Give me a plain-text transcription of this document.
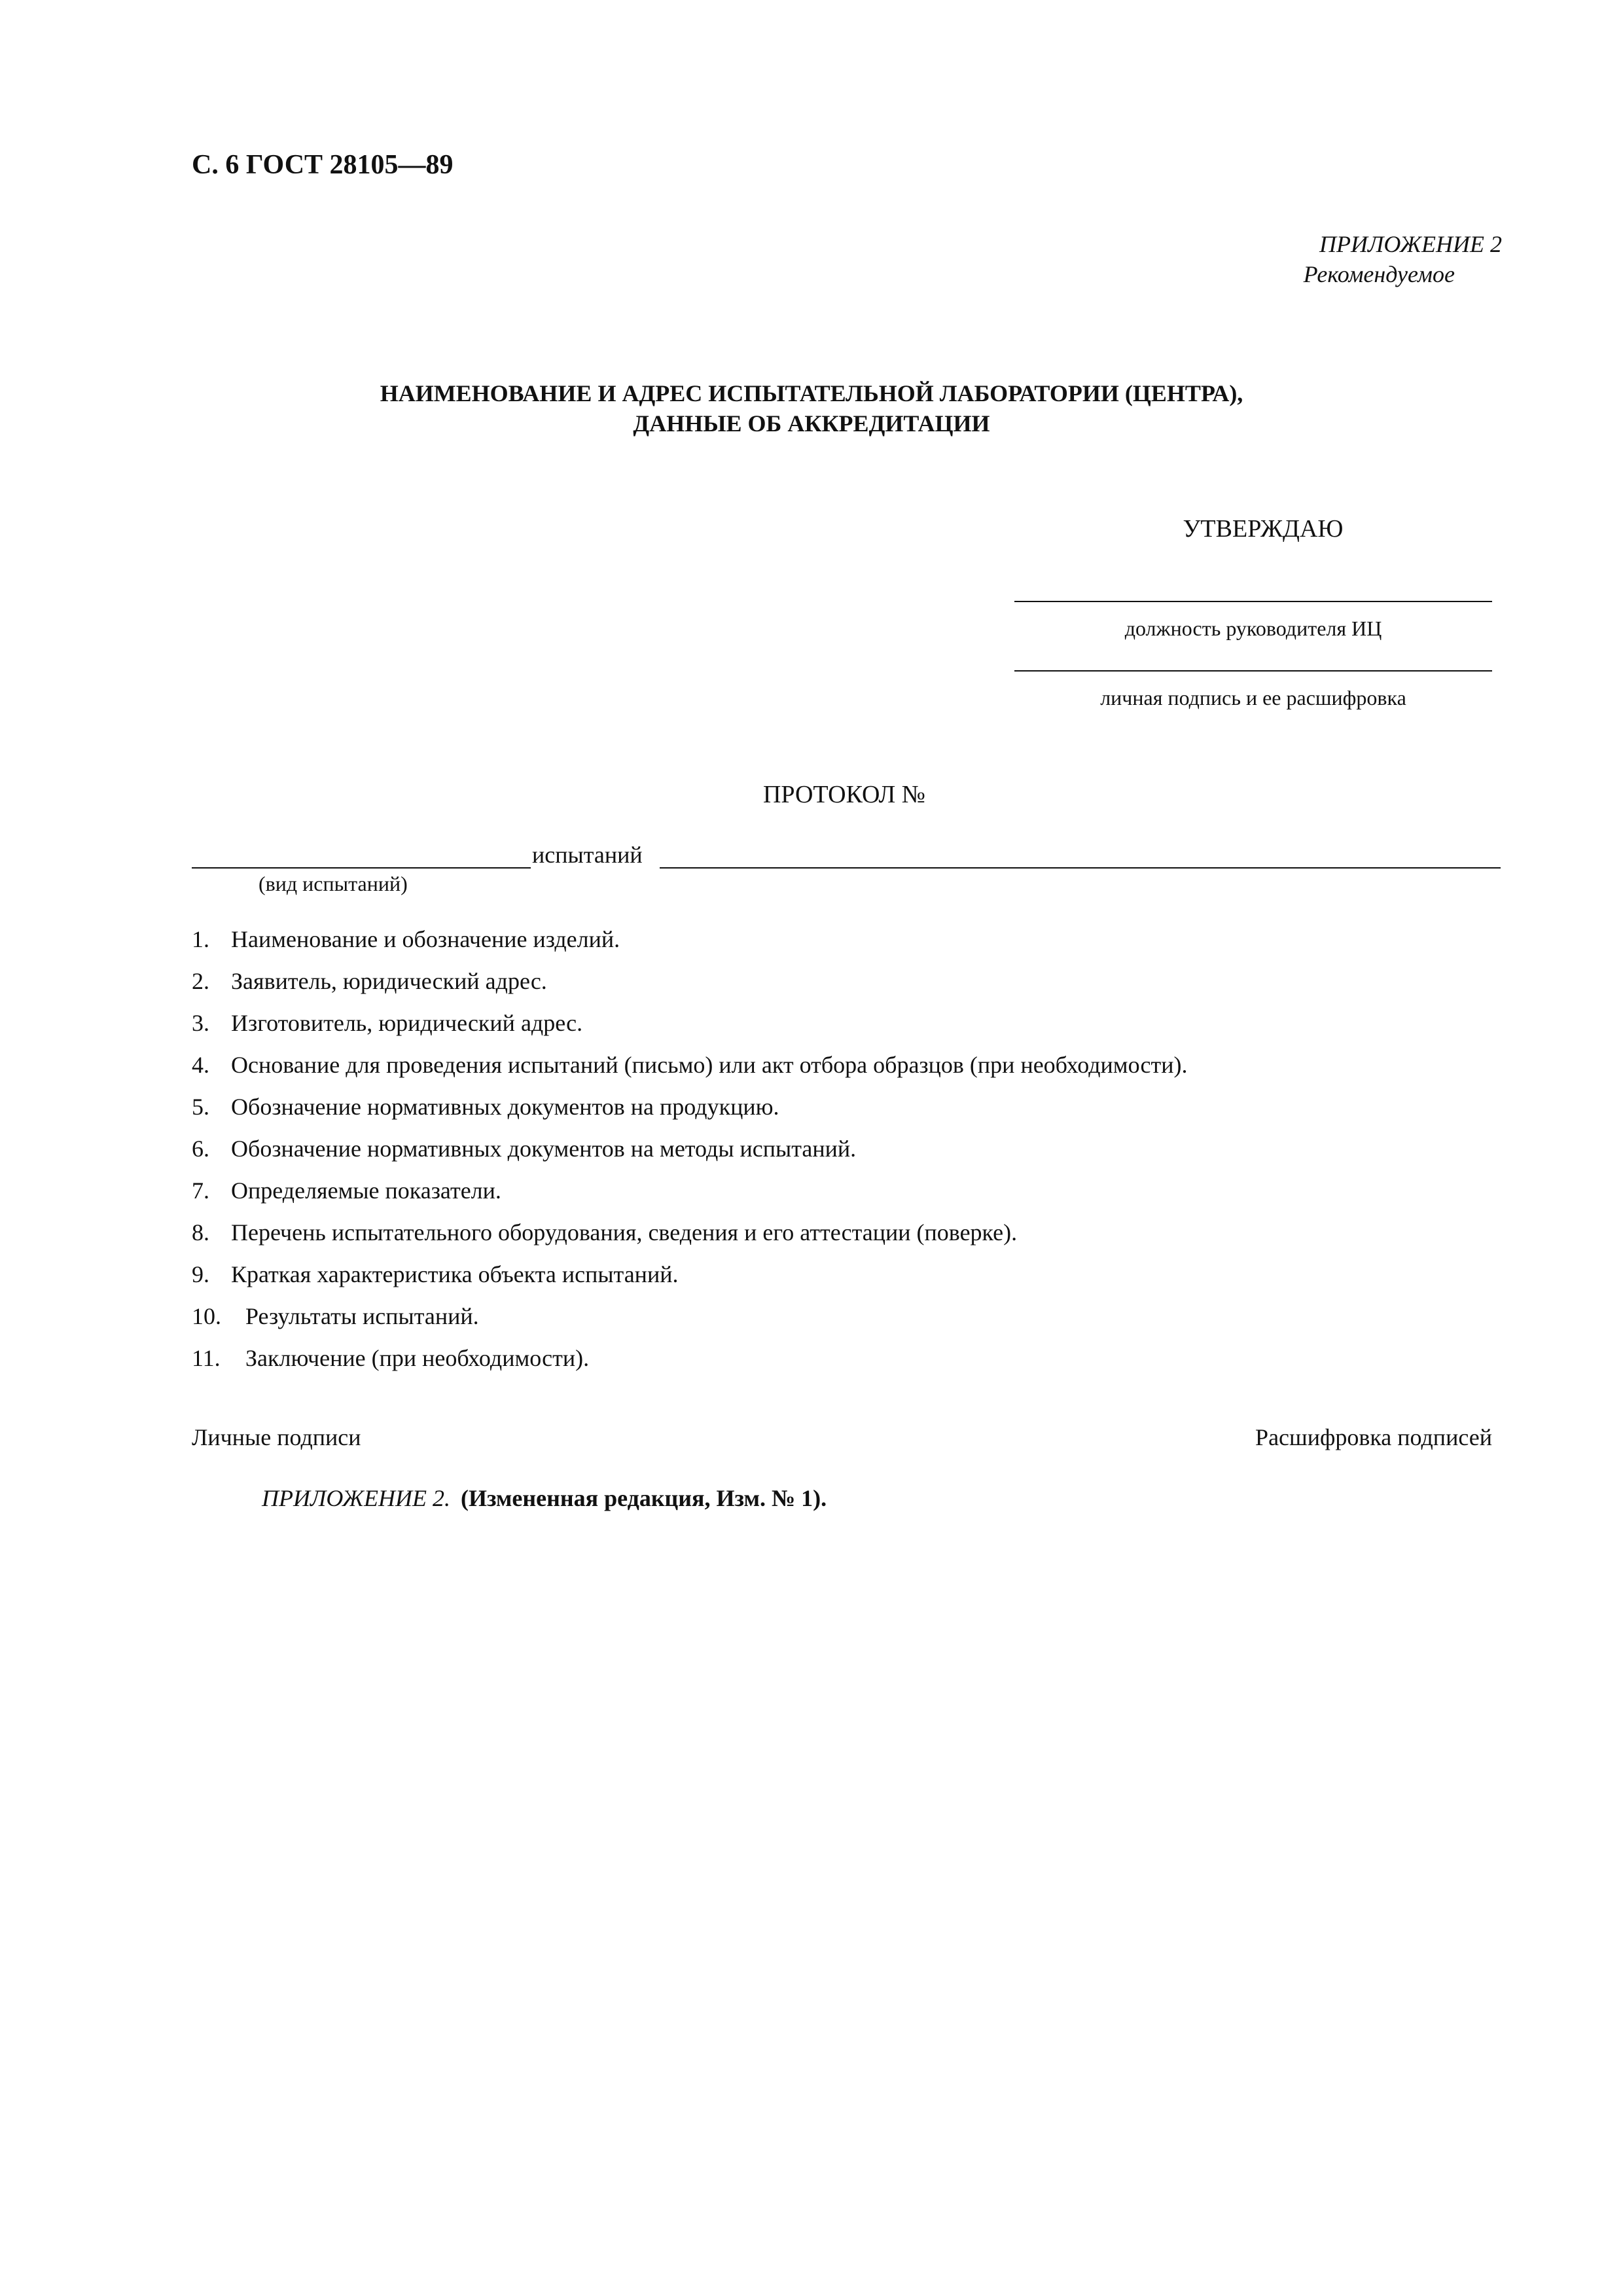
С. 6 ГОСТ 28105—89
ПРИЛОЖЕНИЕ 2
Рекомендуемое
НАИМЕНОВАНИЕ И АДРЕС ИСПЫТАТЕЛЬНОЙ ЛАБОРАТОРИИ (ЦЕНТРА),
ДАННЫЕ ОБ АККРЕДИТАЦИИ
УТВЕРЖДАЮ
должность руководителя ИЦ
личная подпись и ее расшифровка
ПРОТОКОЛ №
испытаний
(вид испытаний)
1. Наименование и обозначение изделий.
2. Заявитель, юридический адрес.
3. Изготовитель, юридический адрес.
4. Основание для проведения испытаний (письмо) или акт отбора образцов (при необходимости).
5. Обозначение нормативных документов на продукцию.
6. Обозначение нормативных документов на методы испытаний.
7. Определяемые показатели.
8. Перечень испытательного оборудования, сведения и его аттестации (поверке).
9. Краткая характеристика объекта испытаний.
10. Результаты испытаний.
11. Заключение (при необходимости).
Личные подписи	Расшифровка подписей
ПРИЛОЖЕНИЕ 2. (Измененная редакция, Изм. № 1).
